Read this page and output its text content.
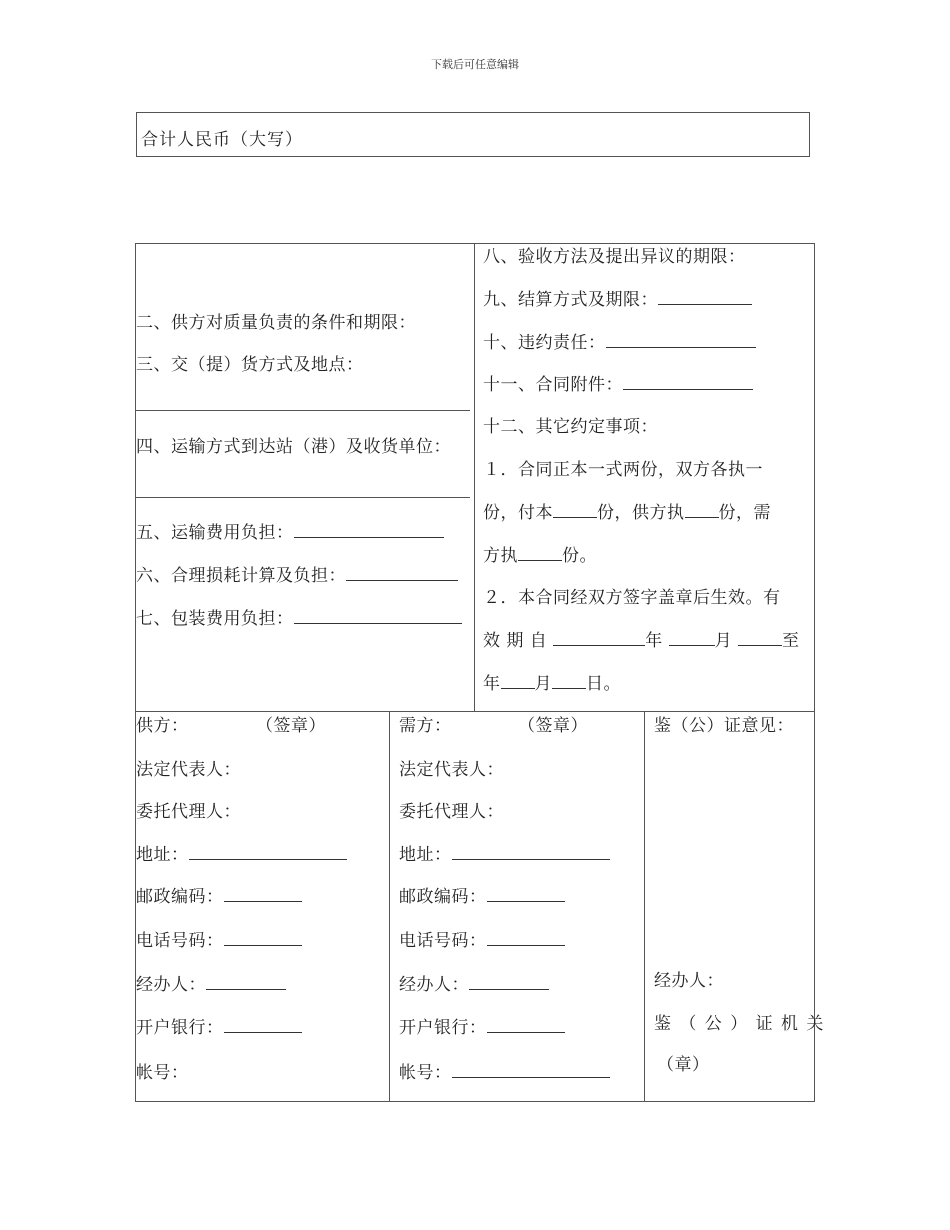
下载后可任意编辑
合计人民币（大写）
二、供方对质量负责的条件和期限：
三、交（提）货方式及地点：
四、运输方式到达站（港）及收货单位：
五、运输费用负担：
六、合理损耗计算及负担：
七、包装费用负担：
八、验收方法及提出异议的期限：
九、结算方式及期限：
十、违约责任：
十一、合同附件：
十二、其它约定事项：
１．合同正本一式两份，双方各执一
份，付本	份，供方执 份，需
方执	份。
２．本合同经双方签字盖章后生效。有
效 期 自	年	月	至
年 月 日。
供方：	（签章）
法定代表人：
委托代理人：
地址：
邮政编码：
电话号码：
经办人：
开户银行：
帐号：
需方：	（签章）
法定代表人：
委托代理人：
地址：
邮政编码：
电话号码：
经办人：
开户银行：
帐号：
鉴（公）证意见：
经办人：
鉴 （ 公 ） 证 机 关
（章）
